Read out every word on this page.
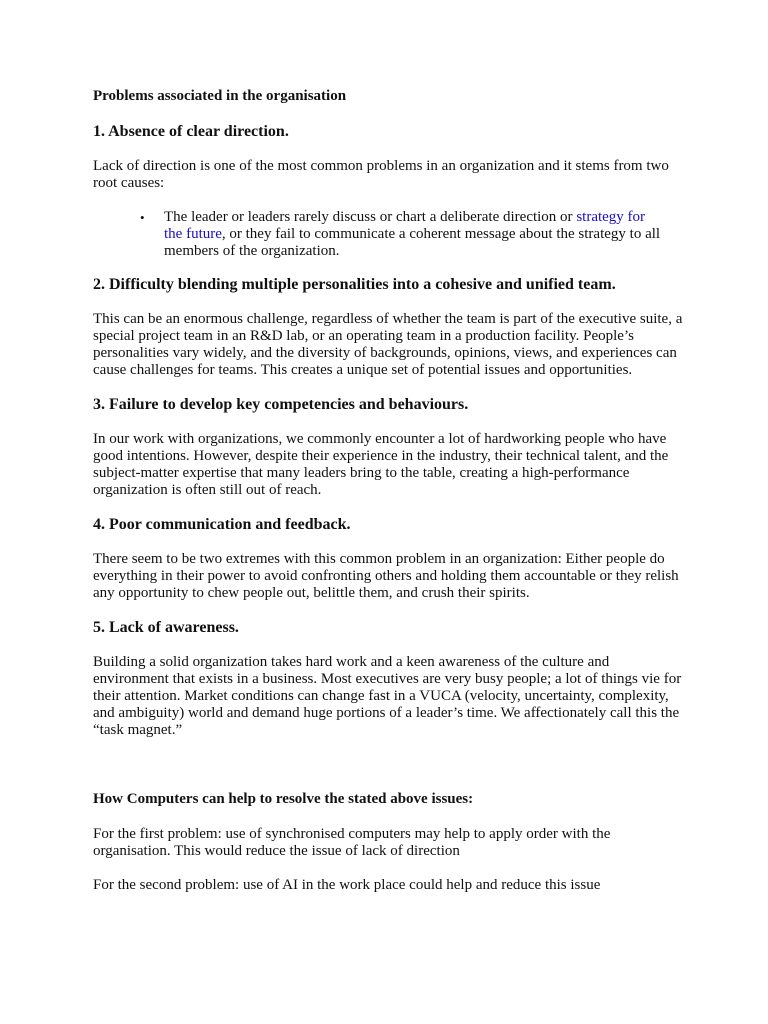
Problems associated in the organisation

1. Absence of clear direction.

Lack of direction is one of the most common problems in an organization and it stems from two root causes:

• The leader or leaders rarely discuss or chart a deliberate direction or strategy for the future, or they fail to communicate a coherent message about the strategy to all members of the organization.

2. Difficulty blending multiple personalities into a cohesive and unified team.

This can be an enormous challenge, regardless of whether the team is part of the executive suite, a special project team in an R&D lab, or an operating team in a production facility. People’s personalities vary widely, and the diversity of backgrounds, opinions, views, and experiences can cause challenges for teams. This creates a unique set of potential issues and opportunities.

3. Failure to develop key competencies and behaviours.

In our work with organizations, we commonly encounter a lot of hardworking people who have good intentions. However, despite their experience in the industry, their technical talent, and the subject-matter expertise that many leaders bring to the table, creating a high-performance organization is often still out of reach.

4. Poor communication and feedback.

There seem to be two extremes with this common problem in an organization: Either people do everything in their power to avoid confronting others and holding them accountable or they relish any opportunity to chew people out, belittle them, and crush their spirits.

5. Lack of awareness.

Building a solid organization takes hard work and a keen awareness of the culture and environment that exists in a business. Most executives are very busy people; a lot of things vie for their attention. Market conditions can change fast in a VUCA (velocity, uncertainty, complexity, and ambiguity) world and demand huge portions of a leader’s time. We affectionately call this the “task magnet.”

How Computers can help to resolve the stated above issues:

For the first problem: use of synchronised computers may help to apply order with the organisation. This would reduce the issue of lack of direction

For the second problem: use of AI in the work place could help and reduce this issue
